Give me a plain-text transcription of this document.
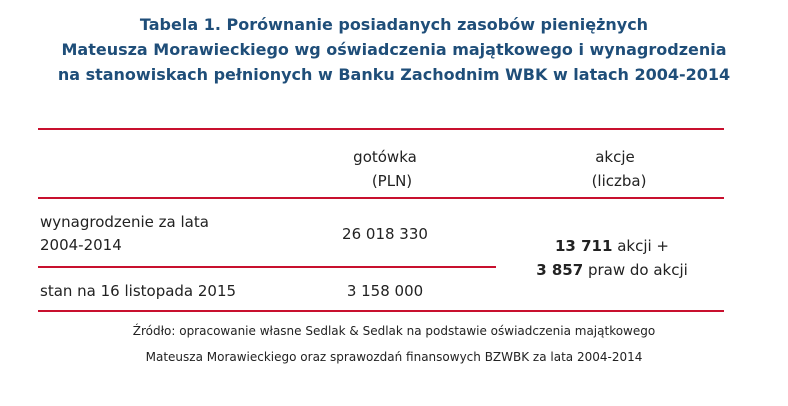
Tabela 1. Porównanie posiadanych zasobów pieniężnych
Mateusza Morawieckiego wg oświadczenia majątkowego i wynagrodzenia
na stanowiskach pełnionych w Banku Zachodnim WBK w latach 2004-2014
gotówka
(PLN)
akcje
(liczba)
wynagrodzenie za lata
2004-2014
26 018 330
stan na 16 listopada 2015	3 158 000
13 711 akcji +
3 857 praw do akcji
Źródło: opracowanie własne Sedlak & Sedlak na podstawie oświadczenia majątkowego
Mateusza Morawieckiego oraz sprawozdań finansowych BZWBK za lata 2004-2014
